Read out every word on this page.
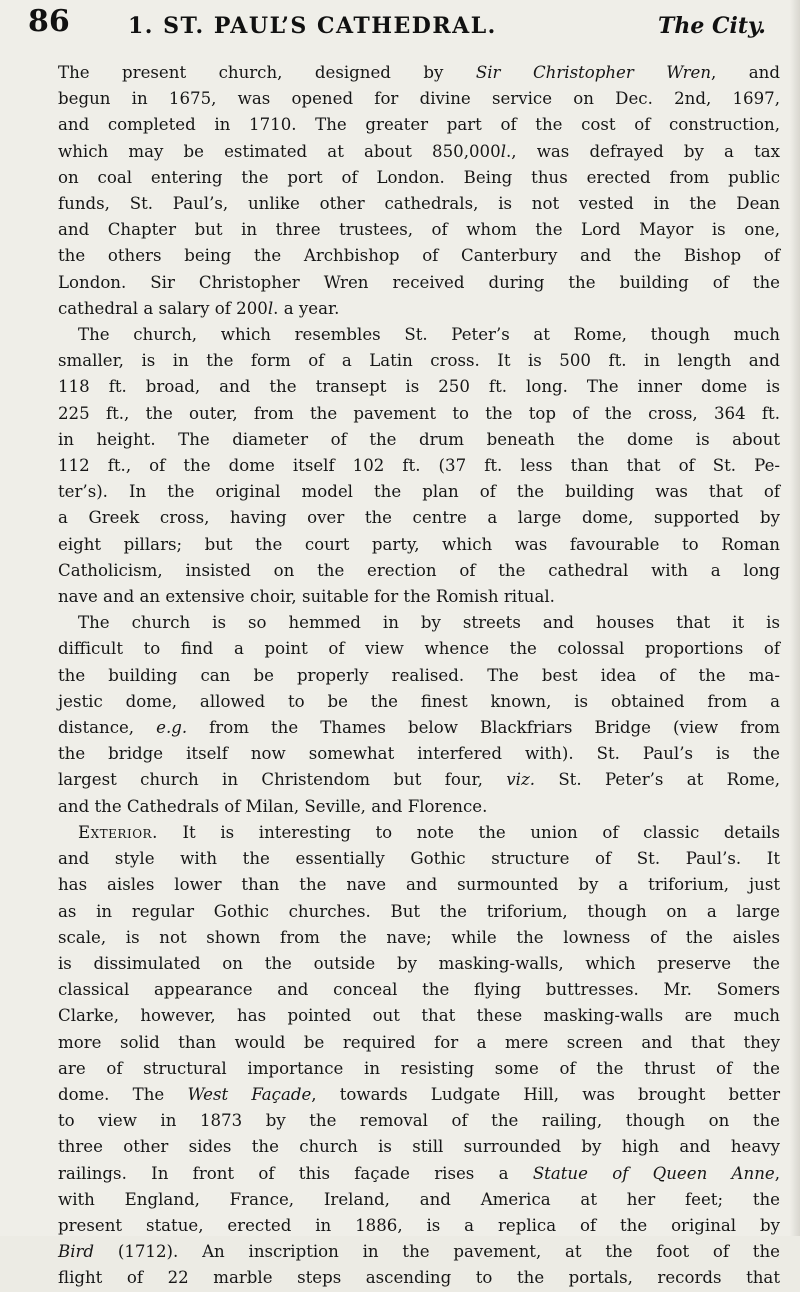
86	1. ST. PAUL’S CATHEDRAL.	The City.
The present church, designed by Sir Christopher Wren, and
begun in 1675, was opened for divine service on Dec. 2nd, 1697,
and completed in 1710. The greater part of the cost of construction,
which may be estimated at about 850,000l., was defrayed by a tax
on coal entering the port of London. Being thus erected from public
funds, St. Paul’s, unlike other cathedrals, is not vested in the Dean
and Chapter but in three trustees, of whom the Lord Mayor is one,
the others being the Archbishop of Canterbury and the Bishop of
London. Sir Christopher Wren received during the building of the
cathedral a salary of 200l. a year.
The church, which resembles St. Peter’s at Rome, though much
smaller, is in the form of a Latin cross. It is 500 ft. in length and
118 ft. broad, and the transept is 250 ft. long. The inner dome is
225 ft., the outer, from the pavement to the top of the cross, 364 ft.
in height. The diameter of the drum beneath the dome is about
112 ft., of the dome itself 102 ft. (37 ft. less than that of St. Pe-
ter’s). In the original model the plan of the building was that of
a Greek cross, having over the centre a large dome, supported by
eight pillars; but the court party, which was favourable to Roman
Catholicism, insisted on the erection of the cathedral with a long
nave and an extensive choir, suitable for the Romish ritual.
The church is so hemmed in by streets and houses that it is
difficult to find a point of view whence the colossal proportions of
the building can be properly realised. The best idea of the ma-
jestic dome, allowed to be the finest known, is obtained from a
distance, e.g. from the Thames below Blackfriars Bridge (view from
the bridge itself now somewhat interfered with). St. Paul’s is the
largest church in Christendom but four, viz. St. Peter’s at Rome,
and the Cathedrals of Milan, Seville, and Florence.
Exterior. It is interesting to note the union of classic details
and style with the essentially Gothic structure of St. Paul’s. It
has aisles lower than the nave and surmounted by a triforium, just
as in regular Gothic churches. But the triforium, though on a large
scale, is not shown from the nave; while the lowness of the aisles
is dissimulated on the outside by masking-walls, which preserve the
classical appearance and conceal the flying buttresses. Mr. Somers
Clarke, however, has pointed out that these masking-walls are much
more solid than would be required for a mere screen and that they
are of structural importance in resisting some of the thrust of the
dome. The West Façade, towards Ludgate Hill, was brought better
to view in 1873 by the removal of the railing, though on the
three other sides the church is still surrounded by high and heavy
railings. In front of this façade rises a Statue of Queen Anne,
with England, France, Ireland, and America at her feet; the
present statue, erected in 1886, is a replica of the original by
Bird (1712). An inscription in the pavement, at the foot of the
flight of 22 marble steps ascending to the portals, records that
